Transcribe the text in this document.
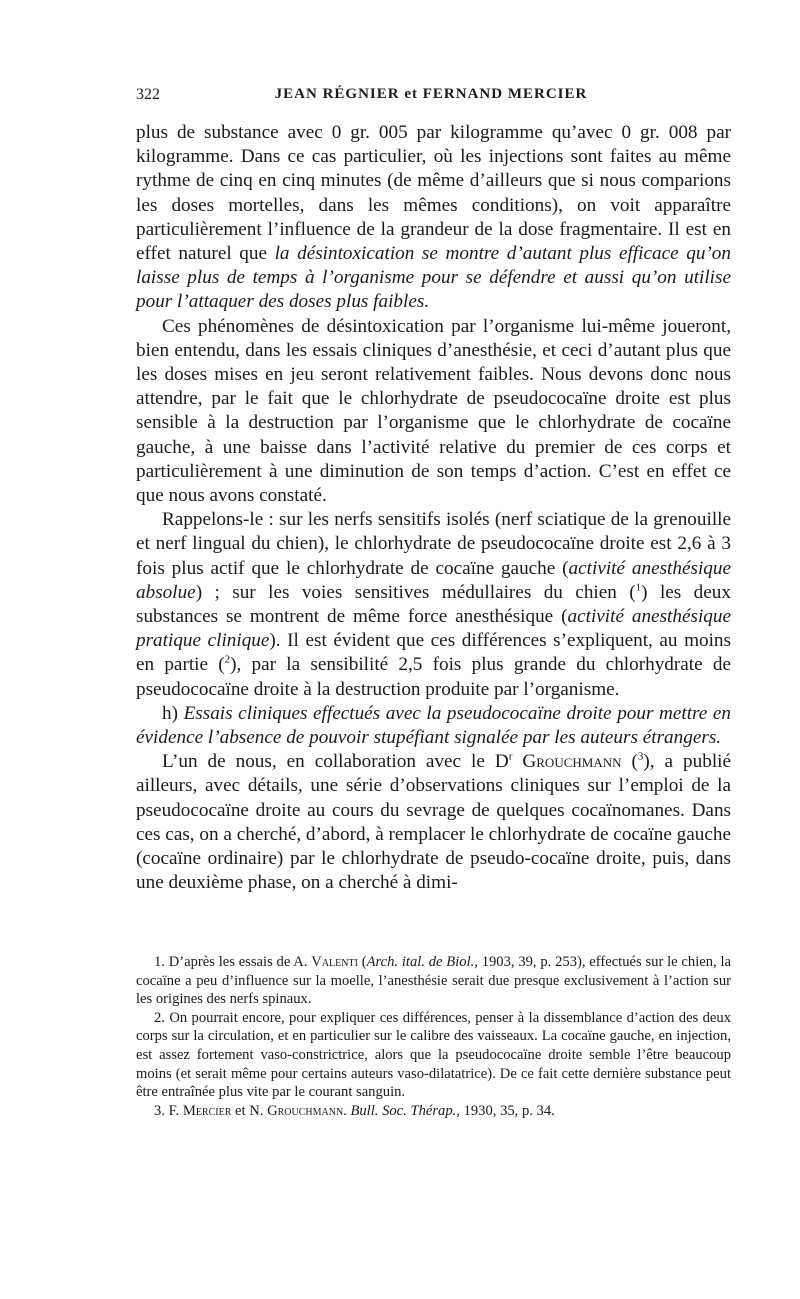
322	JEAN RÉGNIER et FERNAND MERCIER

plus de substance avec 0 gr. 005 par kilogramme qu’avec 0 gr. 008 par kilogramme. Dans ce cas particulier, où les injections sont faites au même rythme de cinq en cinq minutes (de même d’ailleurs que si nous comparions les doses mortelles, dans les mêmes conditions), on voit apparaître particulièrement l’influence de la grandeur de la dose fragmentaire. Il est en effet naturel que la désintoxication se montre d’autant plus efficace qu’on laisse plus de temps à l’organisme pour se défendre et aussi qu’on utilise pour l’attaquer des doses plus faibles.

Ces phénomènes de désintoxication par l’organisme lui-même joueront, bien entendu, dans les essais cliniques d’anesthésie, et ceci d’autant plus que les doses mises en jeu seront relativement faibles. Nous devons donc nous attendre, par le fait que le chlorhydrate de pseudococaïne droite est plus sensible à la destruction par l’organisme que le chlorhydrate de cocaïne gauche, à une baisse dans l’activité relative du premier de ces corps et particulièrement à une diminution de son temps d’action. C’est en effet ce que nous avons constaté.

Rappelons-le : sur les nerfs sensitifs isolés (nerf sciatique de la grenouille et nerf lingual du chien), le chlorhydrate de pseudococaïne droite est 2,6 à 3 fois plus actif que le chlorhydrate de cocaïne gauche (activité anesthésique absolue) ; sur les voies sensitives médullaires du chien ($^1$) les deux substances se montrent de même force anesthésique (activité anesthésique pratique clinique). Il est évident que ces différences s’expliquent, au moins en partie ($^2$), par la sensibilité 2,5 fois plus grande du chlorhydrate de pseudococaïne droite à la destruction produite par l’organisme.

h) Essais cliniques effectués avec la pseudococaïne droite pour mettre en évidence l’absence de pouvoir stupéfiant signalée par les auteurs étrangers.

L’un de nous, en collaboration avec le $D^r$ Grouchmann ($^3$), a publié ailleurs, avec détails, une série d’observations cliniques sur l’emploi de la pseudococaïne droite au cours du sevrage de quelques cocaïnomanes. Dans ces cas, on a cherché, d’abord, à remplacer le chlorhydrate de cocaïne gauche (cocaïne ordinaire) par le chlorhydrate de pseudo-cocaïne droite, puis, dans une deuxième phase, on a cherché à dimi-

1. D’après les essais de A. Valenti (Arch. ital. de Biol., 1903, 39, p. 253), effectués sur le chien, la cocaïne a peu d’influence sur la moelle, l’anesthésie serait due presque exclusivement à l’action sur les origines des nerfs spinaux.

2. On pourrait encore, pour expliquer ces différences, penser à la dissemblance d’action des deux corps sur la circulation, et en particulier sur le calibre des vaisseaux. La cocaïne gauche, en injection, est assez fortement vaso-constrictrice, alors que la pseudococaïne droite semble l’être beaucoup moins (et serait même pour certains auteurs vaso-dilatatrice). De ce fait cette dernière substance peut être entraînée plus vite par le courant sanguin.

3. F. Mercier et N. Grouchmann. Bull. Soc. Thérap., 1930, 35, p. 34.
